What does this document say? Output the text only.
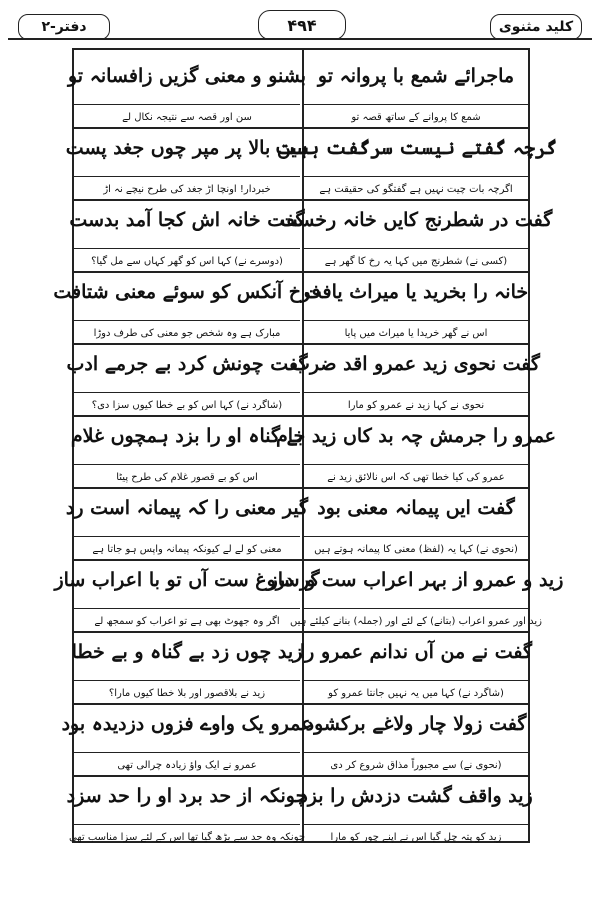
کلید مثنوی
۴۹۴
دفتر-۲
ماجرائے شمع با پروانہ تو
بشنو و معنی گزیں زافسانہ تو
شمع کا پروانے کے ساتھ قصہ تو
سن اور قصہ سے نتیجہ نکال لے
گرچہ گفتے نیست سرگفت ہست
ہیں بالا پر مپر چوں جغد پست
اگرچہ بات چیت نہیں ہے گفتگو کی حقیقت ہے
خبردار! اونچا اڑ جغد کی طرح نیچے نہ اڑ
گفت در شطرنج کایں خانہ رخست
گفت خانہ اش کجا آمد بدست
(کسی نے) شطرنج میں کہا یہ رخ کا گھر ہے
(دوسرے نے) کہا اس کو گھر کہاں سے مل گیا؟
خانہ را بخرید یا میراث یافت
فرخ آنکس کو سوئے معنی شتافت
اس نے گھر خریدا یا میراث میں پایا
مبارک ہے وہ شخص جو معنی کی طرف دوڑا
گفت نحوی زید عمرو اقد ضرب
گفت چونش کرد بے جرمے ادب
نحوی نے کہا زید نے عمرو کو مارا
(شاگرد نے) کہا اس کو بے خطا کیوں سزا دی؟
عمرو را جرمش چہ بد کاں زید خام
بے گناہ او را بزد ہمچوں غلام
عمرو کی کیا خطا تھی کہ اس نالائق زید نے
اس کو بے قصور غلام کی طرح پیٹا
گفت ایں پیمانہ معنی بود
گیر معنی را کہ پیمانہ است رد
(نحوی نے) کہا یہ (لفظ) معنی کا پیمانہ ہوتے ہیں
معنی کو لے لے کیونکہ پیمانہ واپس ہو جاتا ہے
زید و عمرو از بہر اعراب ست و ساز
گر دروغ ست آں تو با اعراب ساز
زید اور عمرو اعراب (بتانے) کے لئے اور (جملہ) بنانے کیلئے ہیں
اگر وہ جھوٹ بھی ہے تو اعراب کو سمجھ لے
گفت نے من آں ندانم عمرو را
زید چوں زد بے گناہ و بے خطا
(شاگرد نے) کہا میں یہ نہیں جانتا عمرو کو
زید نے بلاقصور اور بلا خطا کیوں مارا؟
گفت زولا چار ولاغے برکشود
عمرو یک واوے فزوں دزدیدہ بود
(نحوی نے) سے مجبوراً مذاق شروع کر دی
عمرو نے ایک واؤ زیادہ چرالی تھی
زید واقف گشت دزدش را بزد
چونکہ از حد برد او را حد سزد
زید کو پتہ چل گیا اس نے اپنے چور کو مارا
چونکہ وہ حد سے بڑھ گیا تھا اس کے لئے سزا مناسب تھی
